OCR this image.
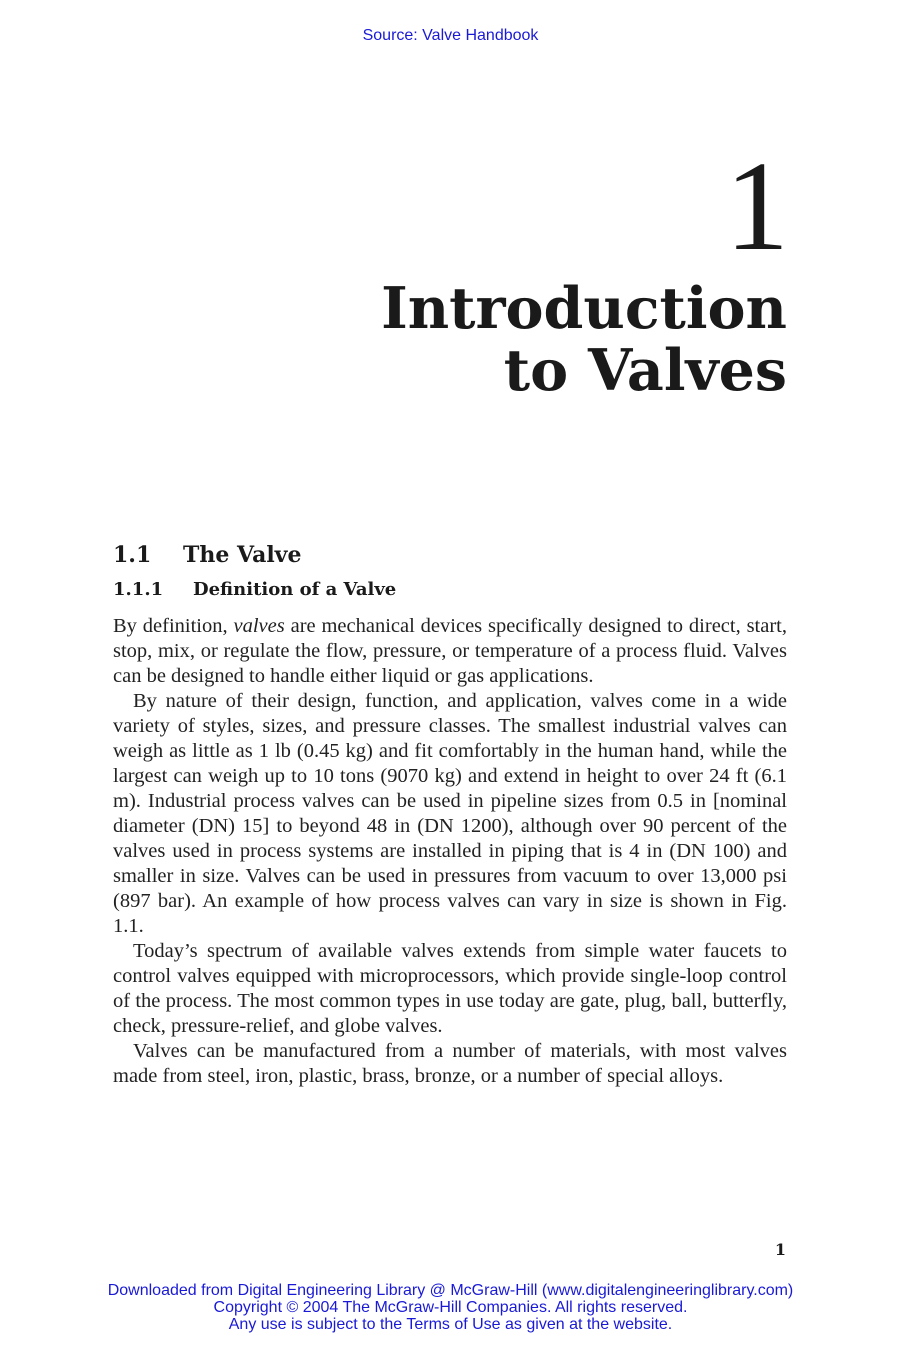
Source: Valve Handbook
1
Introduction
to Valves
1.1 The Valve
1.1.1 Definition of a Valve

By definition, valves are mechanical devices specifically designed to direct, start, stop, mix, or regulate the flow, pressure, or temperature of a process fluid. Valves can be designed to handle either liquid or gas applications.

By nature of their design, function, and application, valves come in a wide variety of styles, sizes, and pressure classes. The smallest industrial valves can weigh as little as 1 lb (0.45 kg) and fit comfortably in the human hand, while the largest can weigh up to 10 tons (9070 kg) and extend in height to over 24 ft (6.1 m). Industrial process valves can be used in pipeline sizes from 0.5 in [nominal diameter (DN) 15] to beyond 48 in (DN 1200), although over 90 percent of the valves used in process systems are installed in piping that is 4 in (DN 100) and smaller in size. Valves can be used in pressures from vacuum to over 13,000 psi (897 bar). An example of how process valves can vary in size is shown in Fig. 1.1.

Today’s spectrum of available valves extends from simple water faucets to control valves equipped with microprocessors, which provide single-loop control of the process. The most common types in use today are gate, plug, ball, butterfly, check, pressure-relief, and globe valves.

Valves can be manufactured from a number of materials, with most valves made from steel, iron, plastic, brass, bronze, or a number of special alloys.

1
Downloaded from Digital Engineering Library @ McGraw-Hill (www.digitalengineeringlibrary.com)
Copyright © 2004 The McGraw-Hill Companies. All rights reserved.
Any use is subject to the Terms of Use as given at the website.
